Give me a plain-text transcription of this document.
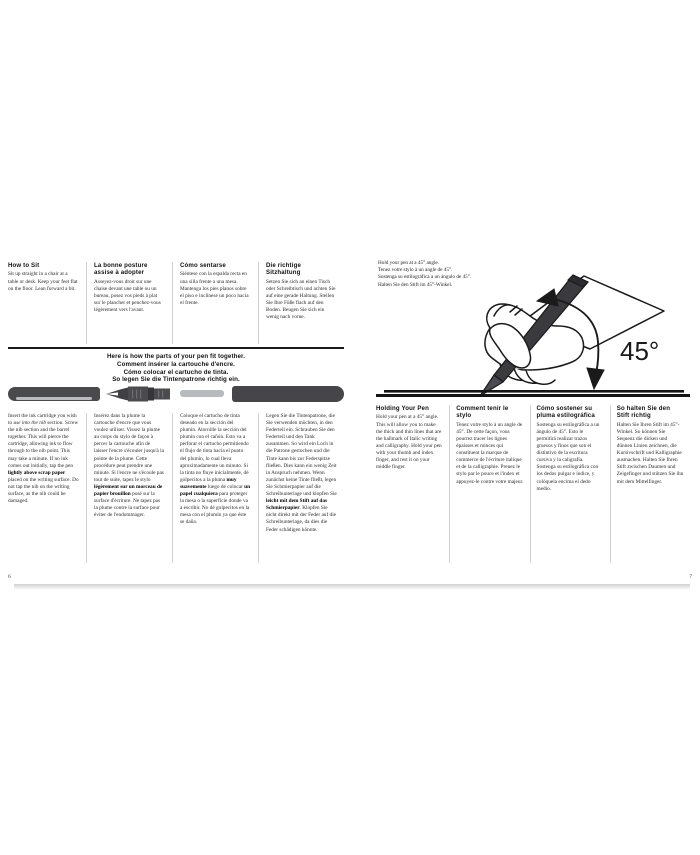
How to Sit

Sit up straight in a chair at a table or desk. Keep your feet flat on the floor. Lean forward a bit.

La bonne posture assise à adopter

Asseyez-vous droit sur une chaise devant une table ou un bureau, posez vos pieds à plat sur le plancher et penchez-vous légèrement vers l'avant.

Cómo sentarse

Siéntese con la espalda recta en una silla frente a una mesa. Mantenga los pies planos sobre el piso e inclínese un poco hacia el frente.

Die richtige Sitzhaltung

Setzen Sie sich an einen Tisch oder Schreibtisch und achten Sie auf eine gerade Haltung. Stellen Sie Ihre Füße flach auf den Boden. Beugen Sie sich ein wenig nach vorne.

Here is how the parts of your pen fit together.
Comment insérer la cartouche d'encre.
Cómo colocar el cartucho de tinta.
So legen Sie die Tintenpatrone richtig ein.

Insert the ink cartridge you wish to use into the nib section. Screw the nib section and the barrel together. This will pierce the cartridge, allowing ink to flow through to the nib point. This may take a minute. If no ink comes out initially, tap the pen lightly above scrap paper placed on the writing surface. Do not tap the nib on the writing surface, as the nib could be damaged.

Insérez dans la plume la cartouche d'encre que vous voulez utiliser. Vissez la plume au corps du stylo de façon à percer la cartouche afin de laisser l'encre s'écouler jusqu'à la pointe de la plume. Cette procédure peut prendre une minute. Si l'encre ne s'écoule pas tout de suite, tapez le stylo légèrement sur un morceau de papier brouillon posé sur la surface d'écriture. Ne tapez pas la plume contre la surface pour éviter de l'endommager.

Coloque el cartucho de tinta deseado en la sección del plumín. Atornille la sección del plumín con el cañón. Esto va a perforar el cartucho permitiendo el flujo de tinta hacia el punto del plumín, lo cual lleva aproximadamente un minuto. Si la tinta no fluye inicialmente, dé golpecitos a la pluma muy suavemente luego de colocar un papel cualquiera para proteger la mesa o la superficie donde va a escribir. No dé golpecitos en la mesa con el plumín ya que éste se daña.

Legen Sie die Tintenpatrone, die Sie verwenden möchten, in den Federteil ein. Schrauben Sie den Federteil und den Tank zusammen. So wird ein Loch in die Patrone gestochen und die Tinte kann bis zur Federspitze fließen. Dies kann ein wenig Zeit in Anspruch nehmen. Wenn zunächst keine Tinte fließt, legen Sie Schmierpapier auf die Schreibunterlage und klopfen Sie leicht mit dem Stift auf das Schmierpapier. Klopfen Sie nicht direkt mit der Feder auf die Schreibunterlage, da dies die Feder schädigen könnte.

6
45°
Hold your pen at a 45° angle.
Tenez votre stylo à un angle de 45°.
Sostenga su estilográfica a un ángulo de 45°.
Halten Sie den Stift im 45°-Winkel.
Holding Your Pen

Hold your pen at a 45° angle. This will allow you to make the thick and thin lines that are the hallmark of Italic writing and calligraphy. Hold your pen with your thumb and index finger, and rest it on your middle finger.

Comment tenir le stylo

Tenez votre stylo à un angle de 45°. De cette façon, vous pourrez tracer les lignes épaisses et minces qui constituent la marque de commerce de l'écriture italique et de la calligraphie. Prenez le stylo par le pouce et l'index et appuyez-le contre votre majeur.

Cómo sostener su pluma estilográfica

Sostenga su estilográfica a un ángulo de 45°. Esto le permitirá realizar trazos gruesos y finos que son el distintivo de la escritura cursiva y la caligrafía. Sostenga su estilográfica con los dedos pulgar e índice, y colóquela encima el dedo medio.

So halten Sie den Stift richtig

Halten Sie Ihren Stift im 45°-Winkel. So können Sie Sequenz die dicken und dünnen Linien zeichnen, die Kursivschrift und Kalligraphie ausmachen. Halten Sie Ihren Stift zwischen Daumen und Zeigefinger und stützen Sie ihn mit dem Mittelfinger.

7
